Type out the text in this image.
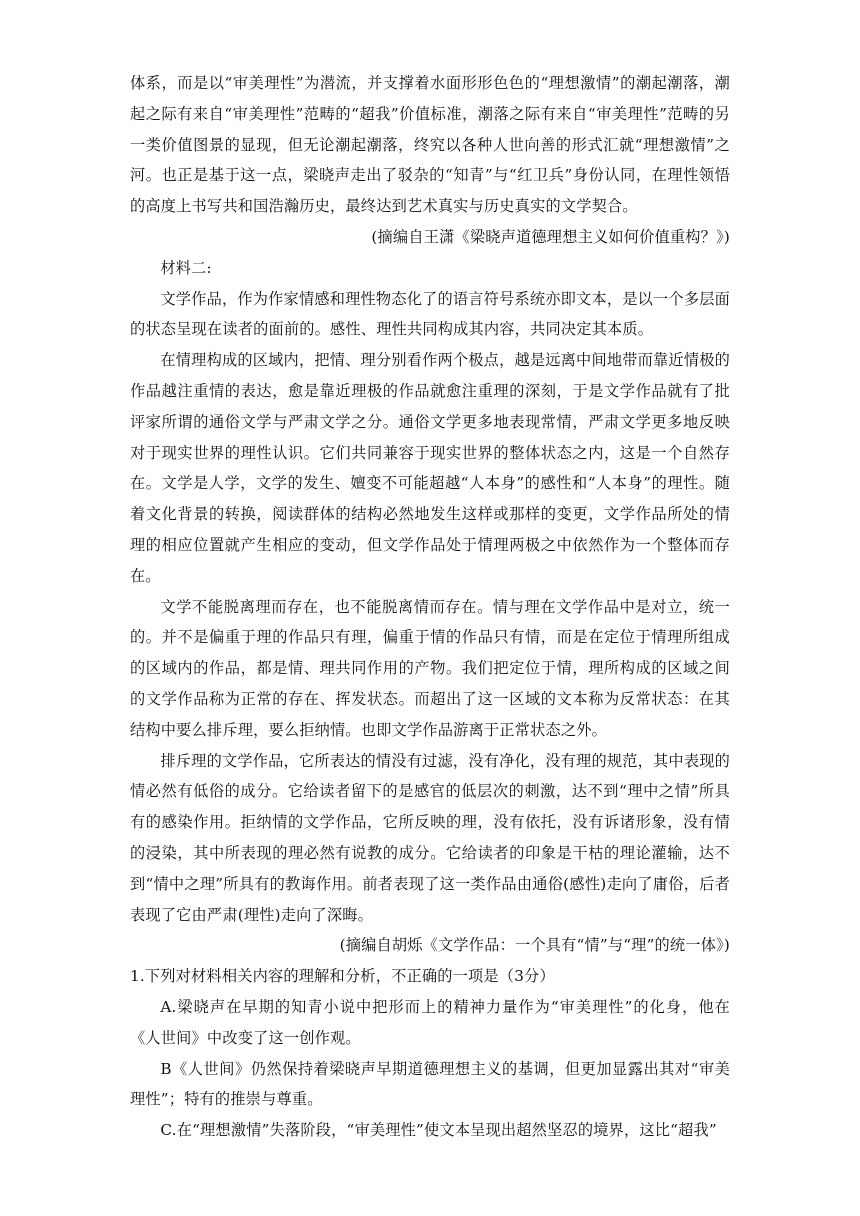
体系，而是以“审美理性”为潜流，并支撑着水面形形色色的“理想激情”的潮起潮落，潮起之际有来自“审美理性”范畴的“超我”价值标准，潮落之际有来自“审美理性”范畴的另一类价值图景的显现，但无论潮起潮落，终究以各种人世向善的形式汇就“理想激情”之河。也正是基于这一点，梁晓声走出了驳杂的“知青”与“红卫兵”身份认同，在理性领悟的高度上书写共和国浩瀚历史，最终达到艺术真实与历史真实的文学契合。

(摘编自王潇《梁晓声道德理想主义如何价值重构？》)

材料二:

文学作品，作为作家情感和理性物态化了的语言符号系统亦即文本，是以一个多层面的状态呈现在读者的面前的。感性、理性共同构成其内容，共同决定其本质。

在情理构成的区域内，把情、理分别看作两个极点，越是远离中间地带而靠近情极的作品越注重情的表达，愈是靠近理极的作品就愈注重理的深刻，于是文学作品就有了批评家所谓的通俗文学与严肃文学之分。通俗文学更多地表现常情，严肃文学更多地反映对于现实世界的理性认识。它们共同兼容于现实世界的整体状态之内，这是一个自然存在。文学是人学，文学的发生、嬗变不可能超越“人本身”的感性和“人本身”的理性。随着文化背景的转换，阅读群体的结构必然地发生这样或那样的变更，文学作品所处的情理的相应位置就产生相应的变动，但文学作品处于情理两极之中依然作为一个整体而存在。

文学不能脱离理而存在，也不能脱离情而存在。情与理在文学作品中是对立，统一的。并不是偏重于理的作品只有理，偏重于情的作品只有情，而是在定位于情理所组成的区域内的作品，都是情、理共同作用的产物。我们把定位于情，理所构成的区域之间的文学作品称为正常的存在、挥发状态。而超出了这一区域的文本称为反常状态：在其结构中要么排斥理，要么拒纳情。也即文学作品游离于正常状态之外。

排斥理的文学作品，它所表达的情没有过滤，没有净化，没有理的规范，其中表现的情必然有低俗的成分。它给读者留下的是感官的低层次的刺激，达不到“理中之情”所具有的感染作用。拒纳情的文学作品，它所反映的理，没有依托，没有诉诸形象，没有情的浸染，其中所表现的理必然有说教的成分。它给读者的印象是干枯的理论灌输，达不到“情中之理”所具有的教诲作用。前者表现了这一类作品由通俗(感性)走向了庸俗，后者表现了它由严肃(理性)走向了深晦。

(摘编自胡烁《文学作品：一个具有“情”与“理”的统一体》)

1.下列对材料相关内容的理解和分析，不正确的一项是（3分）

A.梁晓声在早期的知青小说中把形而上的精神力量作为“审美理性”的化身，他在《人世间》中改变了这一创作观。

B《人世间》仍然保持着梁晓声早期道德理想主义的基调，但更加显露出其对“审美理性”；特有的推崇与尊重。

C.在“理想激情”失落阶段，“审美理性”使文本呈现出超然坚忍的境界，这比“超我”
